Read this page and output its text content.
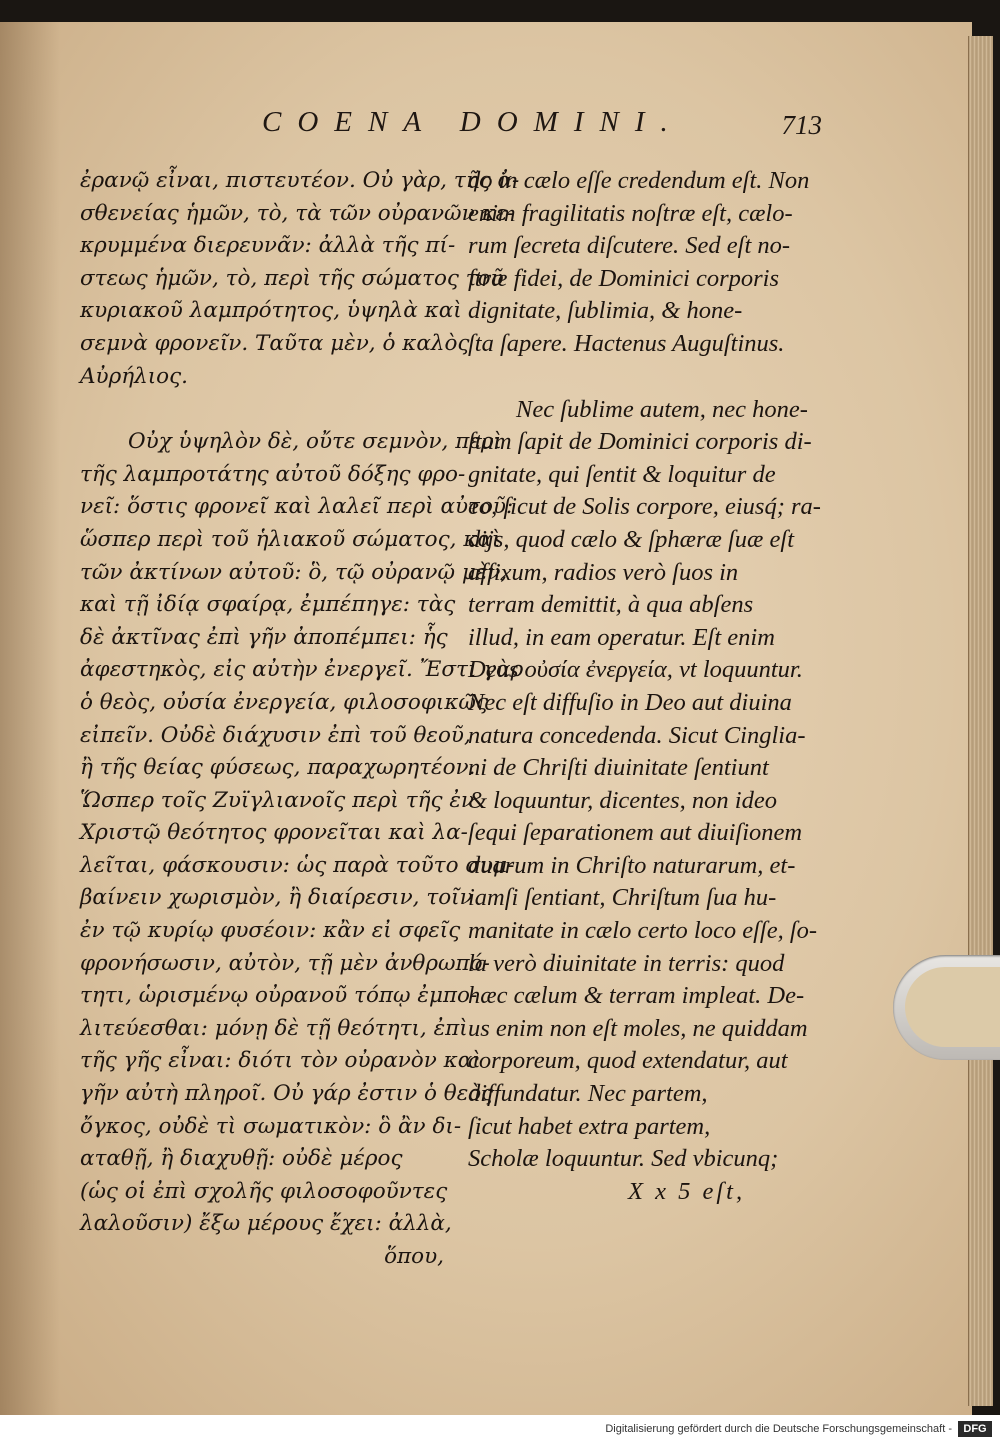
COENA DOMINI.	713
ἐρανῷ εἶναι, πιστευτέον. Οὐ γὰρ, τῆς ἀ-
σθενείας ἡμῶν, τὸ, τὰ τῶν οὐρανῶν κε-
κρυμμένα διερευνᾶν: ἀλλὰ τῆς πί-
στεως ἡμῶν, τὸ, περὶ τῆς σώματος τοῦ
κυριακοῦ λαμπρότητος, ὑψηλὰ καὶ
σεμνὰ φρονεῖν. Ταῦτα μὲν, ὁ καλὸς
Αὐρήλιος.
Οὐχ ὑψηλὸν δὲ, οὔτε σεμνὸν, περὶ
τῆς λαμπροτάτης αὐτοῦ δόξης φρο-
νεῖ: ὅστις φρονεῖ καὶ λαλεῖ περὶ αὐτοῦ:
ὥσπερ περὶ τοῦ ἡλιακοῦ σώματος, καὶ
τῶν ἀκτίνων αὐτοῦ: ὃ, τῷ οὐρανῷ μὲν,
καὶ τῇ ἰδίᾳ σφαίρᾳ, ἐμπέπηγε: τὰς
δὲ ἀκτῖνας ἐπὶ γῆν ἀποπέμπει: ἧς
ἀφεστηκὸς, εἰς αὐτὴν ἐνεργεῖ. Ἔστι γὰρ
ὁ θεὸς, οὐσία ἐνεργεία, φιλοσοφικῶς
εἰπεῖν. Οὐδὲ διάχυσιν ἐπὶ τοῦ θεοῦ,
ἢ τῆς θείας φύσεως, παραχωρητέον.
Ὥσπερ τοῖς Ζυϊγλιανοῖς περὶ τῆς ἐν
Χριστῷ θεότητος φρονεῖται καὶ λα-
λεῖται, φάσκουσιν: ὡς παρὰ τοῦτο συμ-
βαίνειν χωρισμὸν, ἢ διαίρεσιν, τοῖν
ἐν τῷ κυρίῳ φυσέοιν: κἂν εἰ σφεῖς
φρονήσωσιν, αὐτὸν, τῇ μὲν ἀνθρωπό-
τητι, ὡρισμένῳ οὐρανοῦ τόπῳ ἐμπο-
λιτεύεσθαι: μόνῃ δὲ τῇ θεότητι, ἐπὶ
τῆς γῆς εἶναι: διότι τὸν οὐρανὸν καὶ
γῆν αὐτὴ πληροῖ. Οὐ γάρ ἐστιν ὁ θεὸς
ὄγκος, οὐδὲ τὶ σωματικὸν: ὃ ἂν δι-
αταθῇ, ἢ διαχυθῇ: οὐδὲ μέρος
(ὡς οἱ ἐπὶ σχολῆς φιλοσοφοῦντες
λαλοῦσιν) ἔξω μέρους ἔχει: ἀλλὰ,
ὅπου,
do in cælo eſſe credendum eſt. Non
enim fragilitatis noſtræ eſt, cælo-
rum ſecreta diſcutere. Sed eſt no-
ſtræ fidei, de Dominici corporis
dignitate, ſublimia, & hone-
ſta ſapere. Hactenus Auguſtinus.
Nec ſublime autem, nec hone-
ſtum ſapit de Dominici corporis di-
gnitate, qui ſentit & loquitur de
eo, ſicut de Solis corpore, eiusq́; ra-
dijs, quod cælo & ſphæræ ſuæ eſt
affixum, radios verò ſuos in
terram demittit, à qua abſens
illud, in eam operatur. Eſt enim
Deus οὐσία ἐνεργεία, vt loquuntur.
Nec eſt diffuſio in Deo aut diuina
natura concedenda. Sicut Cinglia-
ni de Chriſti diuinitate ſentiunt
& loquuntur, dicentes, non ideo
ſequi ſeparationem aut diuiſionem
duarum in Chriſto naturarum, et-
iamſi ſentiant, Chriſtum ſua hu-
manitate in cælo certo loco eſſe, ſo-
la verò diuinitate in terris: quod
hæc cælum & terram impleat. De-
us enim non eſt moles, ne quiddam
corporeum, quod extendatur, aut
diffundatur. Nec partem,
ſicut habet extra partem,
Scholæ loquuntur. Sed vbicunq;
X x 5 eſt,
Digitalisierung gefördert durch die Deutsche Forschungsgemeinschaft -	DFG
